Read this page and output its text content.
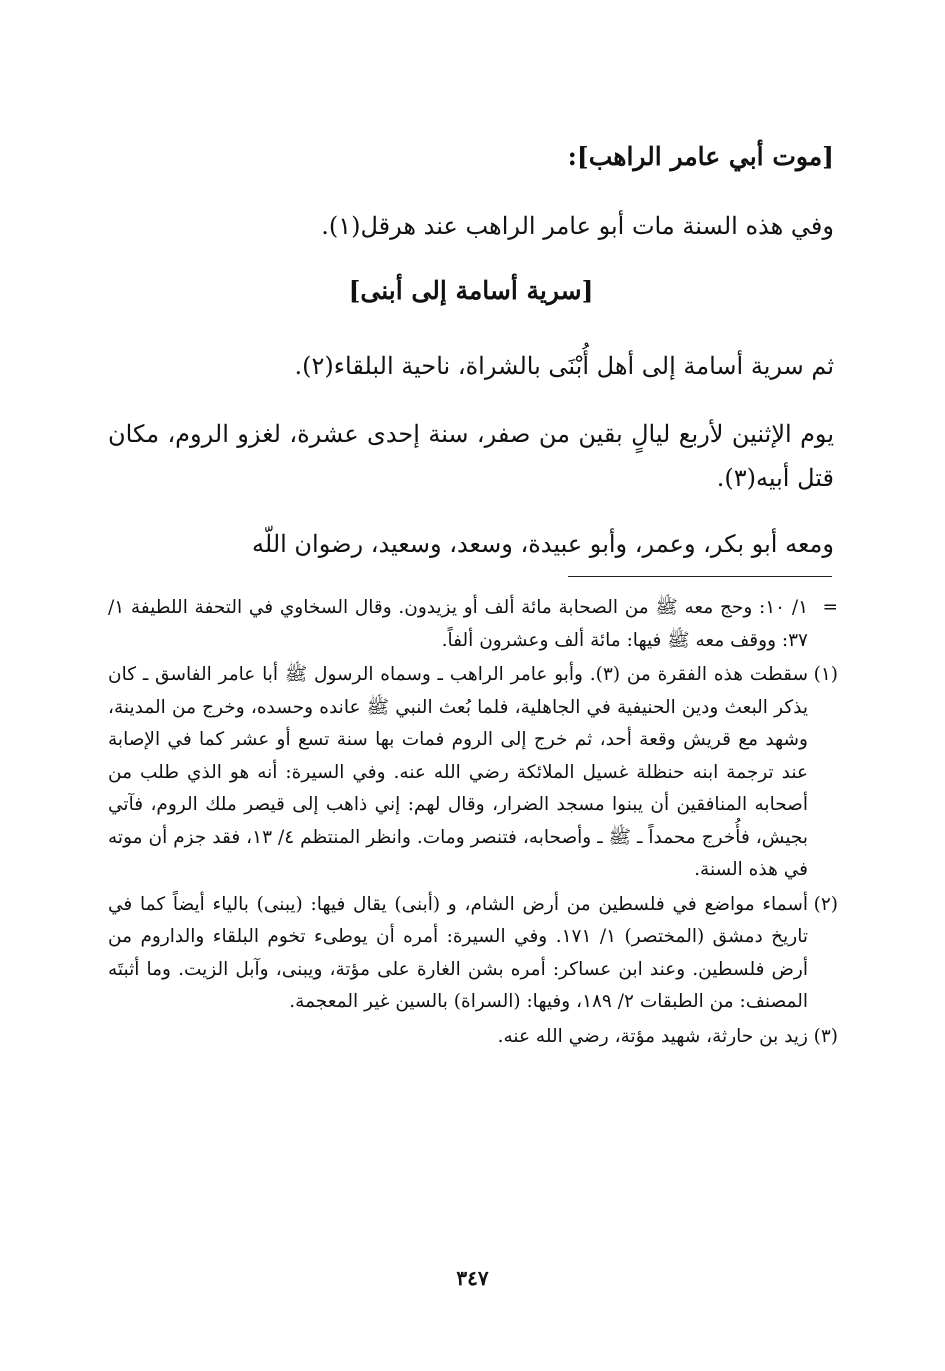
[موت أبي عامر الراهب]:
وفي هذه السنة مات أبو عامر الراهب عند هرقل(١).
[سرية أسامة إلى أبنى]
ثم سرية أسامة إلى أهل أُبْنَى بالشراة، ناحية البلقاء(٢).
يوم الإثنين لأربع ليالٍ بقين من صفر، سنة إحدى عشرة، لغزو الروم، مكان قتل أبيه(٣).
ومعه أبو بكر، وعمر، وأبو عبيدة، وسعد، وسعيد، رضوان اللّه
=
١/ ١٠: وحج معه ﷺ من الصحابة مائة ألف أو يزيدون. وقال السخاوي في التحفة اللطيفة ١/ ٣٧: ووقف معه ﷺ فيها: مائة ألف وعشرون ألفاً.
(١)
سقطت هذه الفقرة من (٣). وأبو عامر الراهب ـ وسماه الرسول ﷺ أبا عامر الفاسق ـ كان يذكر البعث ودين الحنيفية في الجاهلية، فلما بُعث النبي ﷺ عانده وحسده، وخرج من المدينة، وشهد مع قريش وقعة أحد، ثم خرج إلى الروم فمات بها سنة تسع أو عشر كما في الإصابة عند ترجمة ابنه حنظلة غسيل الملائكة رضي الله عنه. وفي السيرة: أنه هو الذي طلب من أصحابه المنافقين أن يبنوا مسجد الضرار، وقال لهم: إني ذاهب إلى قيصر ملك الروم، فآتي بجيش، فأُخرج محمداً ـ ﷺ ـ وأصحابه، فتنصر ومات. وانظر المنتظم ٤/ ١٣، فقد جزم أن موته في هذه السنة.
(٢)
أسماء مواضع في فلسطين من أرض الشام، و (أبنى) يقال فيها: (يبنى) بالياء أيضاً كما في تاريخ دمشق (المختصر) ١/ ١٧١. وفي السيرة: أمره أن يوطىء تخوم البلقاء والداروم من أرض فلسطين. وعند ابن عساكر: أمره بشن الغارة على مؤتة، ويبنى، وآبل الزيت. وما أثبتَه المصنف: من الطبقات ٢/ ١٨٩، وفيها: (السراة) بالسين غير المعجمة.
(٣)
زيد بن حارثة، شهيد مؤتة، رضي الله عنه.
٣٤٧
